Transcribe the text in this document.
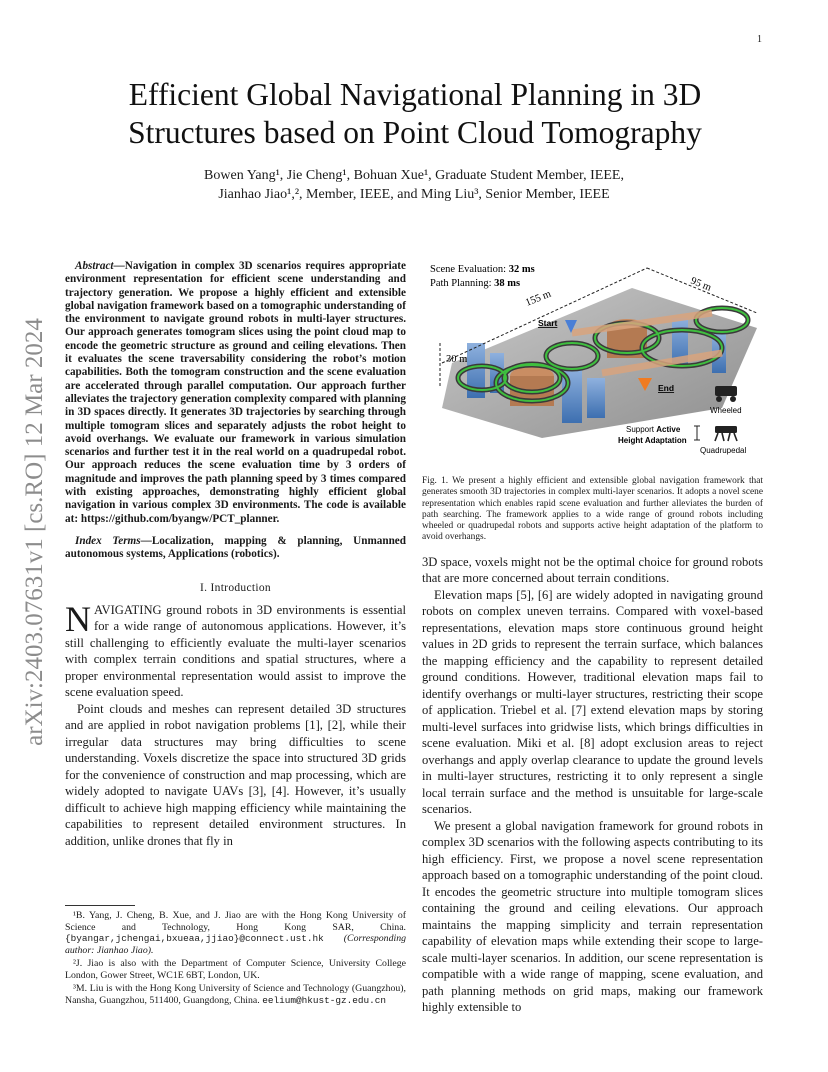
1
arXiv:2403.07631v1 [cs.RO] 12 Mar 2024
Efficient Global Navigational Planning in 3D Structures based on Point Cloud Tomography
Bowen Yang¹, Jie Cheng¹, Bohuan Xue¹, Graduate Student Member, IEEE,
Jianhao Jiao¹,², Member, IEEE, and Ming Liu³, Senior Member, IEEE
Abstract—Navigation in complex 3D scenarios requires appropriate environment representation for efficient scene understanding and trajectory generation. We propose a highly efficient and extensible global navigation framework based on a tomographic understanding of the environment to navigate ground robots in multi-layer structures. Our approach generates tomogram slices using the point cloud map to encode the geometric structure as ground and ceiling elevations. Then it evaluates the scene traversability considering the robot’s motion capabilities. Both the tomogram construction and the scene evaluation are accelerated through parallel computation. Our approach further alleviates the trajectory generation complexity compared with planning in 3D spaces directly. It generates 3D trajectories by searching through multiple tomogram slices and separately adjusts the robot height to avoid overhangs. We evaluate our framework in various simulation scenarios and further test it in the real world on a quadrupedal robot. Our approach reduces the scene evaluation time by 3 orders of magnitude and improves the path planning speed by 3 times compared with existing approaches, demonstrating highly efficient global navigation in various complex 3D environments. The code is available at: https://github.com/byangw/PCT_planner.
Index Terms—Localization, mapping & planning, Unmanned autonomous systems, Applications (robotics).
I. Introduction

NAVIGATING ground robots in 3D environments is essential for a wide range of autonomous applications. However, it’s still challenging to efficiently evaluate the multi-layer scenarios with complex terrain conditions and spatial structures, where a proper environmental representation would assist to improve the scene evaluation speed.

Point clouds and meshes can represent detailed 3D structures and are applied in robot navigation problems [1], [2], while their irregular data structures may bring difficulties to scene understanding. Voxels discretize the space into structured 3D grids for the convenience of construction and map processing, which are widely adopted to navigate UAVs [3], [4]. However, it’s usually difficult to achieve high mapping efficiency while maintaining the capabilities to represent detailed environment structures. In addition, unlike drones that fly in

¹B. Yang, J. Cheng, B. Xue, and J. Jiao are with the Hong Kong University of Science and Technology, Hong Kong SAR, China. {byangar,jchengai,bxueaa,jjiao}@connect.ust.hk (Corresponding author: Jianhao Jiao).

²J. Jiao is also with the Department of Computer Science, University College London, Gower Street, WC1E 6BT, London, UK.

³M. Liu is with the Hong Kong University of Science and Technology (Guangzhou), Nansha, Guangzhou, 511400, Guangdong, China. eelium@hkust-gz.edu.cn

Scene Evaluation: 32 ms
Path Planning: 38 ms
155 m
95 m
30 m
Start
End
Wheeled
Quadrupedal
Support Active
Height Adaptation
Fig. 1. We present a highly efficient and extensible global navigation framework that generates smooth 3D trajectories in complex multi-layer scenarios. It adopts a novel scene representation which enables rapid scene evaluation and further alleviates the burden of path searching. The framework applies to a wide range of ground robots including wheeled or quadrupedal robots and supports active height adaptation of the platform to avoid overhangs.

3D space, voxels might not be the optimal choice for ground robots that are more concerned about terrain conditions.

Elevation maps [5], [6] are widely adopted in navigating ground robots on complex uneven terrains. Compared with voxel-based representations, elevation maps store continuous ground height values in 2D grids to represent the terrain surface, which balances the mapping efficiency and the capability to represent detailed ground conditions. However, traditional elevation maps fail to identify overhangs or multi-layer structures, restricting their scope of application. Triebel et al. [7] extend elevation maps by storing multi-level surfaces into gridwise lists, which brings difficulties in scene evaluation. Miki et al. [8] adopt exclusion areas to reject overhangs and apply overlap clearance to update the ground levels in multi-layer structures, restricting it to only represent a single local terrain surface and the method is unsuitable for large-scale scenarios.

We present a global navigation framework for ground robots in complex 3D scenarios with the following aspects contributing to its high efficiency. First, we propose a novel scene representation approach based on a tomographic understanding of the point cloud. It encodes the geometric structure into multiple tomogram slices containing the ground and ceiling elevations. Our approach maintains the mapping simplicity and terrain representation capability of elevation maps while extending their scope to large-scale multi-layer scenarios. In addition, our scene representation is compatible with a wide range of mapping, scene evaluation, and path planning methods on grid maps, making our framework highly extensible to
